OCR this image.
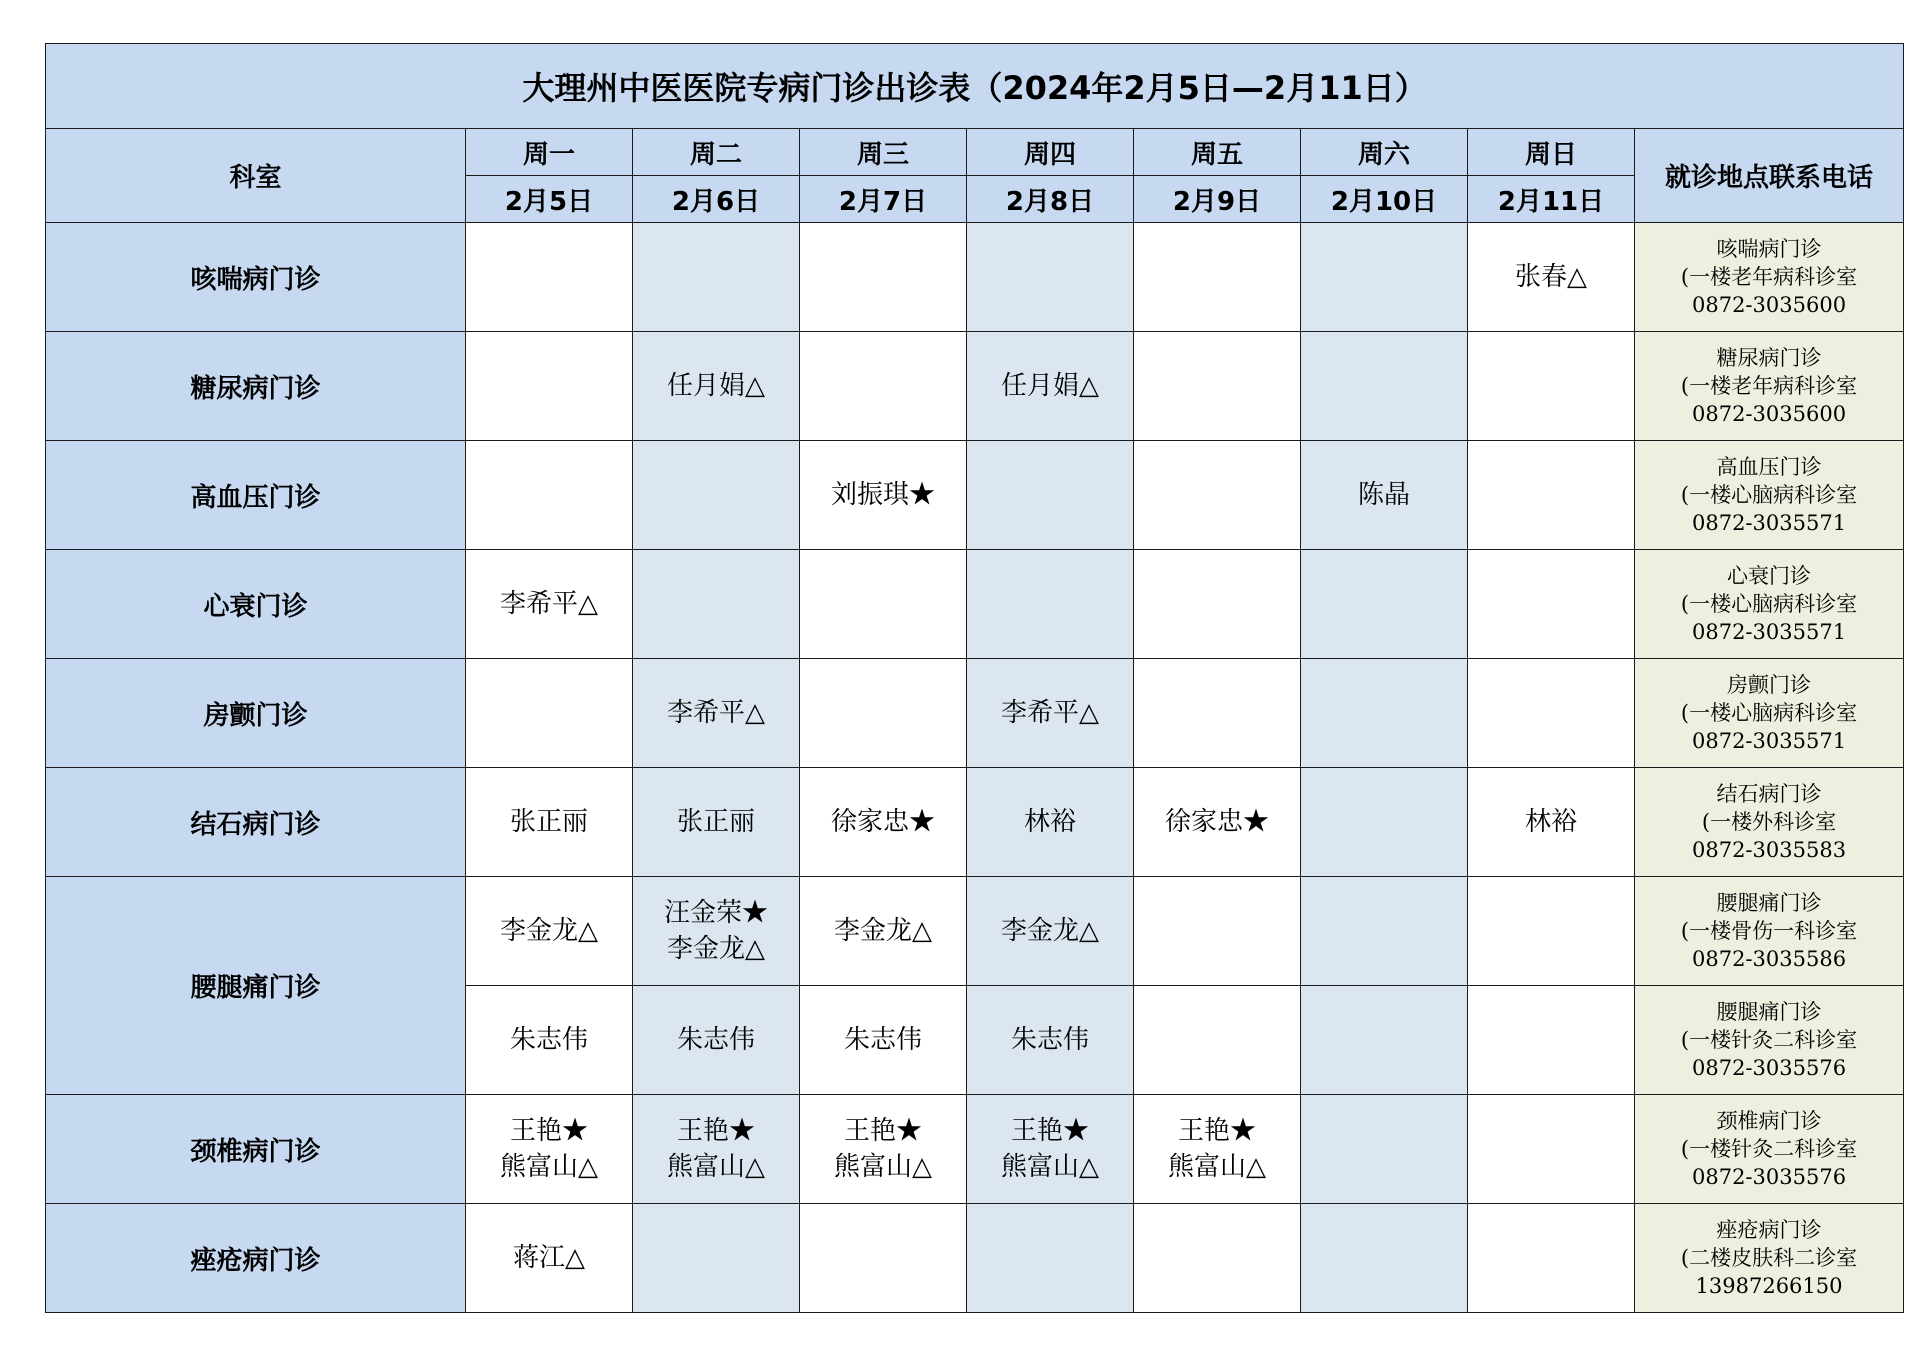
大理州中医医院专病门诊出诊表（2024年2月5日—2月11日）								
科室	周一	周二	周三	周四	周五	周六	周日	就诊地点联系电话
	2月5日	2月6日	2月7日	2月8日	2月9日	2月10日	2月11日	
咳喘病门诊							张春△	咳喘病门诊
(一楼老年病科诊室
0872-3035600

糖尿病门诊		任月娟△		任月娟△				糖尿病门诊
(一楼老年病科诊室
0872-3035600

高血压门诊			刘振琪★			陈晶		高血压门诊
(一楼心脑病科诊室
0872-3035571

心衰门诊	李希平△							心衰门诊
(一楼心脑病科诊室
0872-3035571

房颤门诊		李希平△		李希平△				房颤门诊
(一楼心脑病科诊室
0872-3035571

结石病门诊	张正丽	张正丽	徐家忠★	林裕	徐家忠★		林裕	结石病门诊
(一楼外科诊室
0872-3035583

腰腿痛门诊	李金龙△	汪金荣★
李金龙△	李金龙△	李金龙△				腰腿痛门诊
(一楼骨伤一科诊室
0872-3035586

	朱志伟	朱志伟	朱志伟	朱志伟				腰腿痛门诊
(一楼针灸二科诊室
0872-3035576

颈椎病门诊	王艳★
熊富山△	王艳★
熊富山△	王艳★
熊富山△	王艳★
熊富山△	王艳★
熊富山△			颈椎病门诊
(一楼针灸二科诊室
0872-3035576

痤疮病门诊	蒋江△							痤疮病门诊
(二楼皮肤科二诊室
13987266150
